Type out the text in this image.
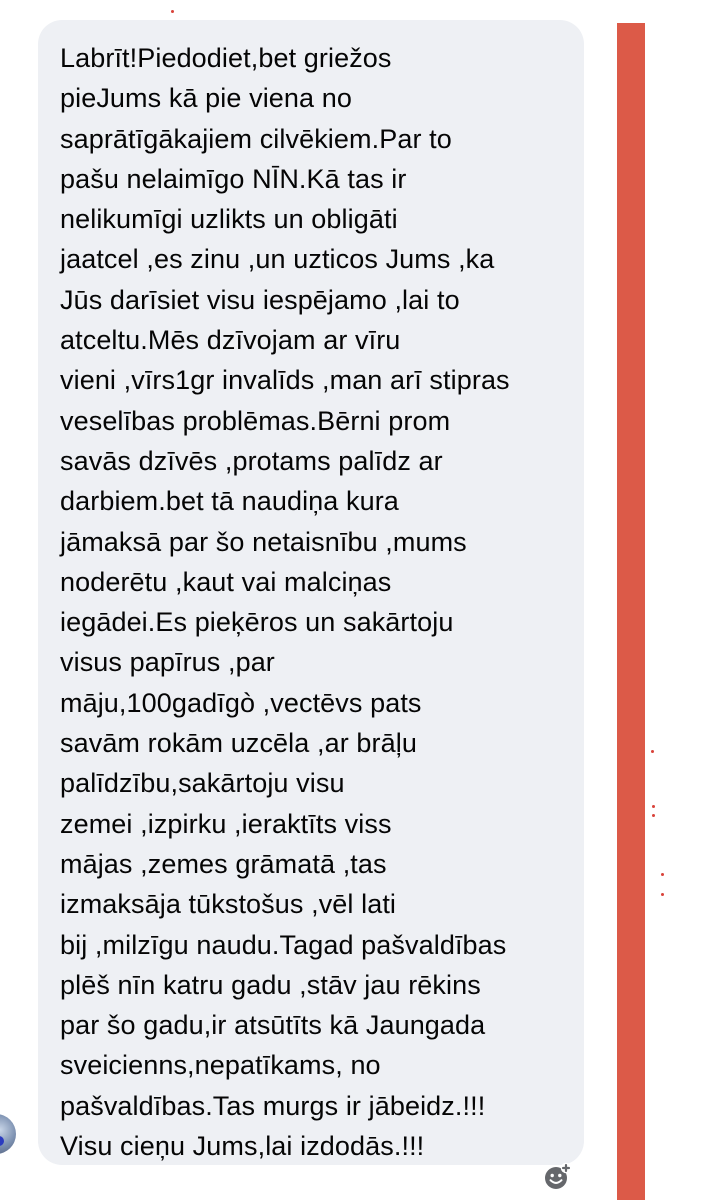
Labrīt!Piedodiet,bet griežos
pieJums kā pie viena no
saprātīgākajiem cilvēkiem.Par to
pašu nelaimīgo NĪN.Kā tas ir
nelikumīgi uzlikts un obligāti
jaatcel ,es zinu ,un uzticos Jums ,ka
Jūs darīsiet visu iespējamo ,lai to
atceltu.Mēs dzīvojam ar vīru
vieni ,vīrs1gr invalīds ,man arī stipras
veselības problēmas.Bērni prom
savās dzīvēs ,protams palīdz ar
darbiem.bet tā naudiņa kura
jāmaksā par šo netaisnību ,mums
noderētu ,kaut vai malciņas
iegādei.Es pieķēros un sakārtoju
visus papīrus ,par
māju,100gadīgò ,vectēvs pats
savām rokām uzcēla ,ar brāļu
palīdzību,sakārtoju visu
zemei ,izpirku ,ieraktīts viss
mājas ,zemes grāmatā ,tas
izmaksāja tūkstošus ,vēl lati
bij ,milzīgu naudu.Tagad pašvaldības
plēš nīn katru gadu ,stāv jau rēkins
par šo gadu,ir atsūtīts kā Jaungada
sveicienns,nepatīkams, no
pašvaldības.Tas murgs ir jābeidz.!!!
Visu cieņu Jums,lai izdodās.!!!
